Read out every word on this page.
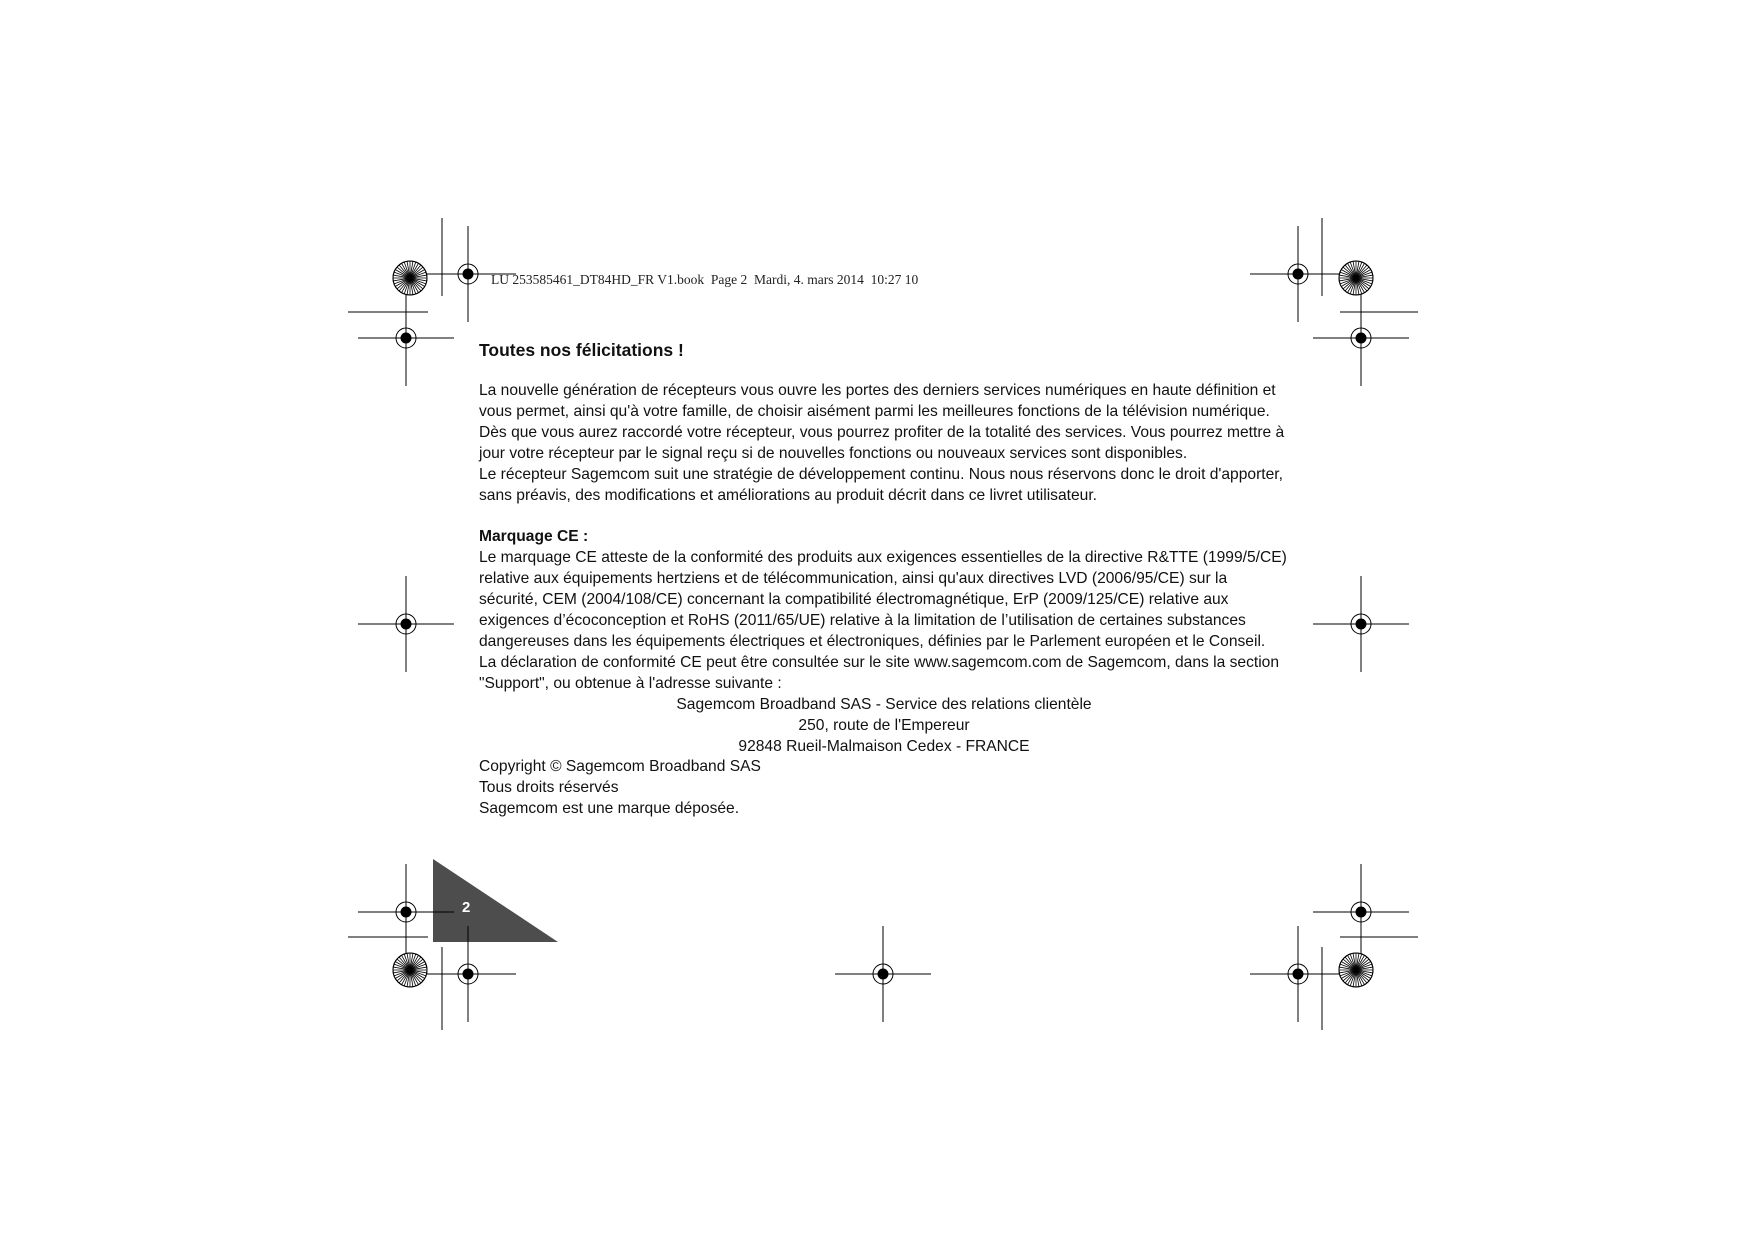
LU 253585461_DT84HD_FR V1.book  Page 2  Mardi, 4. mars 2014  10:27 10

Toutes nos félicitations !

La nouvelle génération de récepteurs vous ouvre les portes des derniers services numériques en haute définition et vous permet, ainsi qu'à votre famille, de choisir aisément parmi les meilleures fonctions de la télévision numérique.

Dès que vous aurez raccordé votre récepteur, vous pourrez profiter de la totalité des services. Vous pourrez mettre à jour votre récepteur par le signal reçu si de nouvelles fonctions ou nouveaux services sont disponibles.

Le récepteur Sagemcom suit une stratégie de développement continu. Nous nous réservons donc le droit d'apporter, sans préavis, des modifications et améliorations au produit décrit dans ce livret utilisateur.

Marquage CE :

Le marquage CE atteste de la conformité des produits aux exigences essentielles de la directive R&TTE (1999/5/CE) relative aux équipements hertziens et de télécommunication, ainsi qu'aux directives LVD (2006/95/CE) sur la sécurité, CEM (2004/108/CE) concernant la compatibilité électromagnétique, ErP (2009/125/CE) relative aux exigences d’écoconception et RoHS (2011/65/UE) relative à la limitation de l’utilisation de certaines substances dangereuses dans les équipements électriques et électroniques, définies par le Parlement européen et le Conseil.

La déclaration de conformité CE peut être consultée sur le site www.sagemcom.com de Sagemcom, dans la section "Support", ou obtenue à l'adresse suivante :

Sagemcom Broadband SAS - Service des relations clientèle

250, route de l'Empereur

92848 Rueil-Malmaison Cedex - FRANCE

Copyright © Sagemcom Broadband SAS

Tous droits réservés

Sagemcom est une marque déposée.

2
